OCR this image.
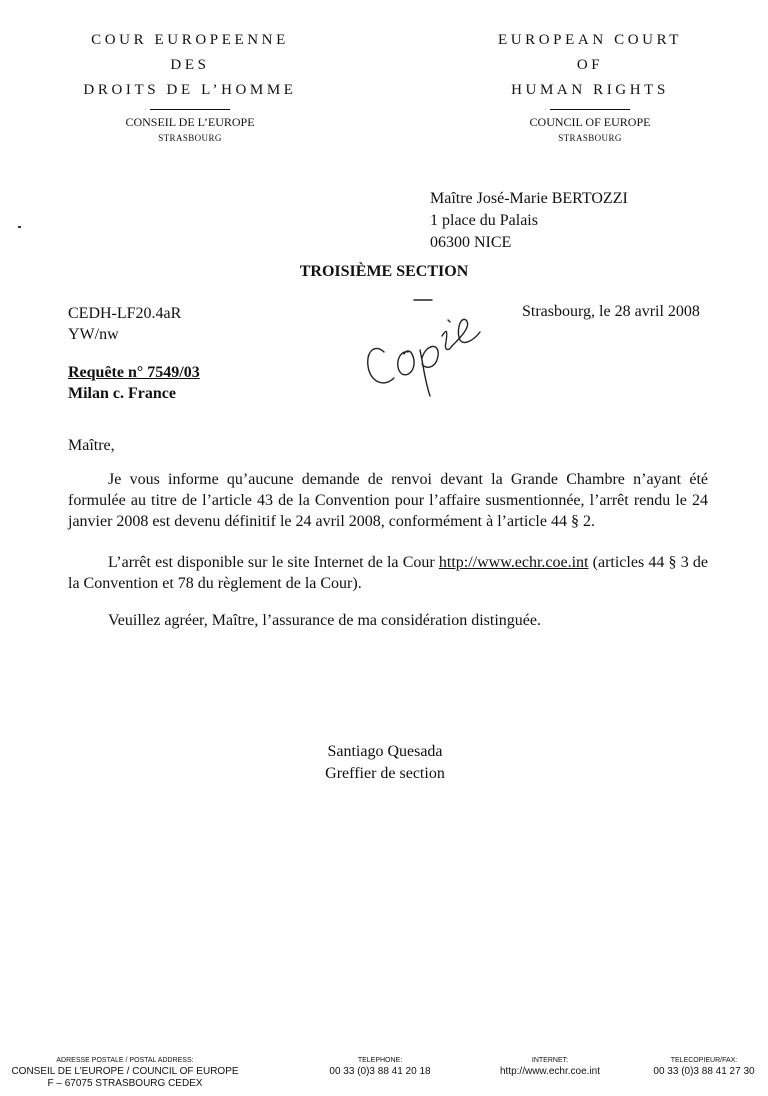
COUR EUROPEENNE
DES
DROITS DE L’HOMME
CONSEIL DE L’EUROPE
STRASBOURG
EUROPEAN COURT
OF
HUMAN RIGHTS
COUNCIL OF EUROPE
STRASBOURG
Maître José-Marie BERTOZZI
1 place du Palais
06300 NICE
TROISIÈME SECTION
CEDH-LF20.4aR
YW/nw
Strasbourg, le 28 avril 2008
Requête n° 7549/03
Milan c. France
Maître,
Je vous informe qu’aucune demande de renvoi devant la Grande Chambre n’ayant été formulée au titre de l’article 43 de la Convention pour l’affaire susmentionnée, l’arrêt rendu le 24 janvier 2008 est devenu définitif le 24 avril 2008, conformément à l’article 44 § 2.
L’arrêt est disponible sur le site Internet de la Cour http://www.echr.coe.int (articles 44 § 3 de la Convention et 78 du règlement de la Cour).
Veuillez agréer, Maître, l’assurance de ma considération distinguée.
Santiago Quesada
Greffier de section
ADRESSE POSTALE / POSTAL ADDRESS:
CONSEIL DE L’EUROPE / COUNCIL OF EUROPE
F – 67075 STRASBOURG CEDEX
TELEPHONE:
00 33 (0)3 88 41 20 18
INTERNET:
http://www.echr.coe.int
TELECOPIEUR/FAX:
00 33 (0)3 88 41 27 30
